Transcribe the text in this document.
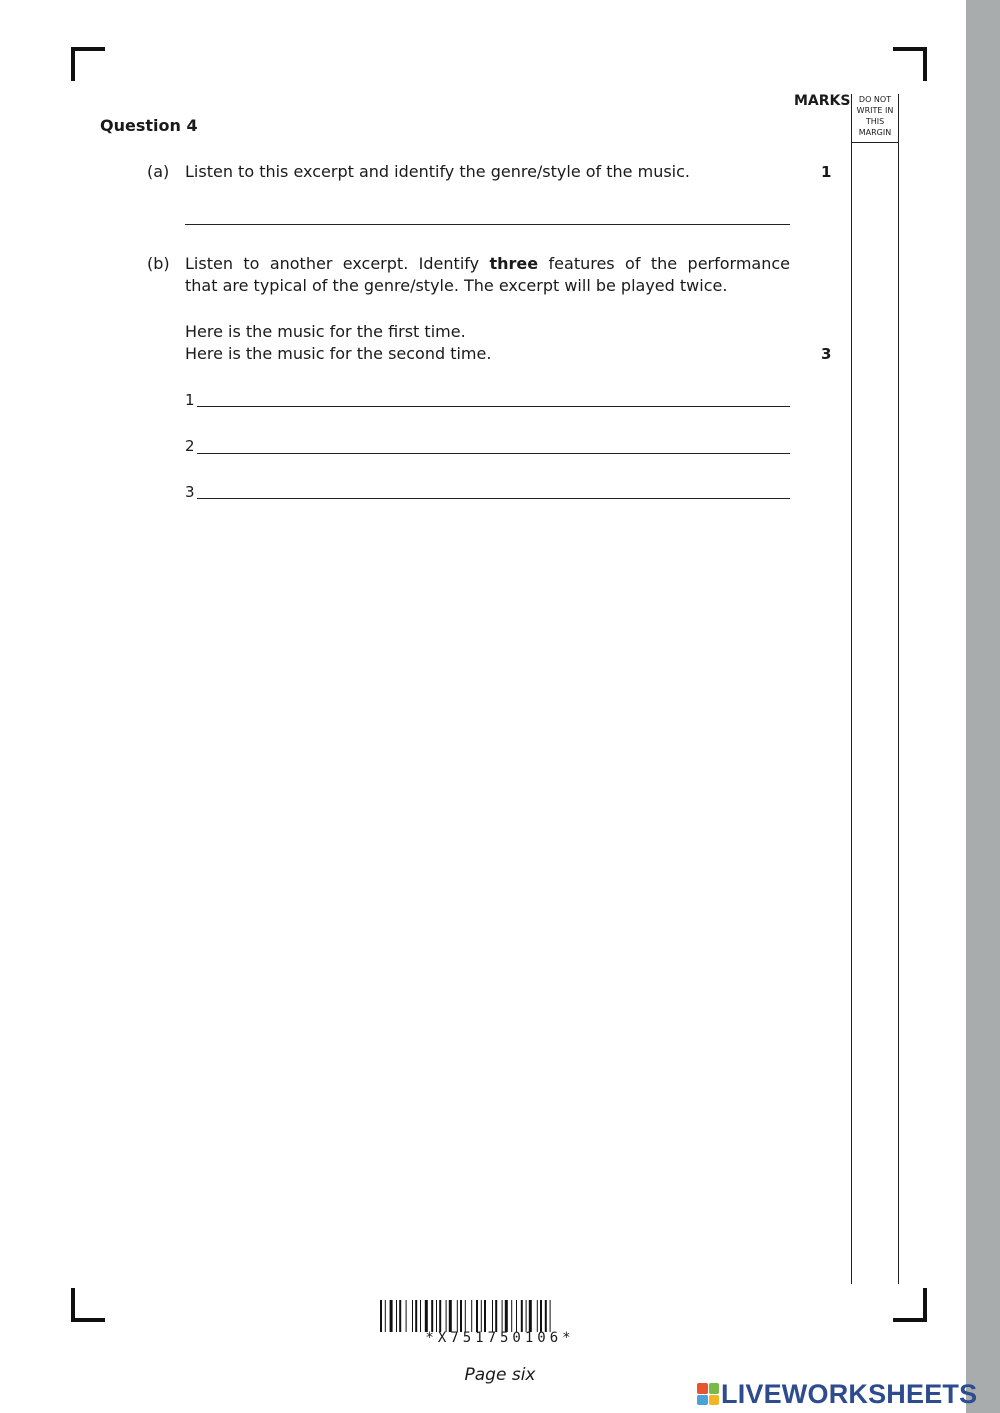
MARKS	DO NOT
WRITE IN
THIS
MARGIN
Question 4
(a) Listen to this excerpt and identify the genre/style of the music.	1
(b) Listen to another excerpt. Identify three features of the performance
that are typical of the genre/style. The excerpt will be played twice.
Here is the music for the first time.
Here is the music for the second time.	3
1
2
3
*X751750106*
Page six
LIVEWORKSHEETS
